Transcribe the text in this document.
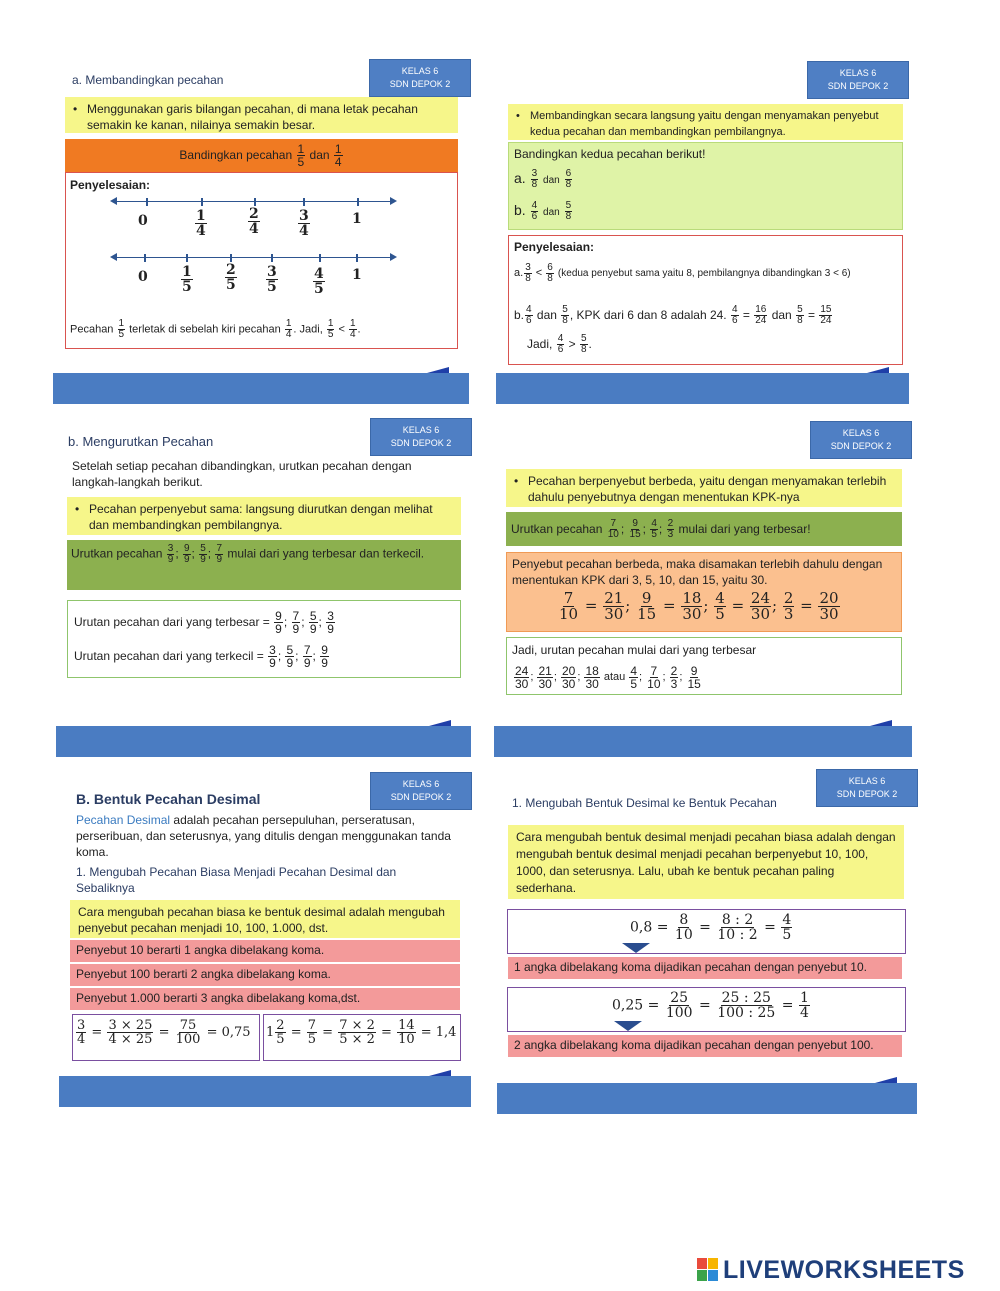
a. Membandingkan pecahan
KELAS 6
SDN DEPOK 2
• Menggunakan garis bilangan pecahan, di mana letak pecahan semakin ke kanan, nilainya semakin besar.
Bandingkan pecahan $\frac{1}{5}$ dan $\frac{1}{4}$
Penyelesaian:
0	$\frac{1}{4}$	$\frac{2}{4}$	$\frac{3}{4}$	1
$0 \frac{1}{5} \frac{2}{5} \frac{3}{5}$	$\frac{4}{5} 1$
Pecahan $\frac{1}{5}$ terletak di sebelah kiri pecahan $\frac{1}{4}$ . Jadi, $\frac{1}{5} < \frac{1}{4}$ .
KELAS 6
SDN DEPOK 2
• Membandingkan secara langsung yaitu dengan menyamakan penyebut kedua pecahan dan membandingkan pembilangnya.
Bandingkan kedua pecahan berikut!
a. $\frac{3}{8}$ dan $\frac{6}{8}$
b. $\frac{4}{6}$ dan $\frac{5}{8}$
Penyelesaian:
a. $\frac{3}{8} < \frac{6}{8}$ (kedua penyebut sama yaitu 8, pembilangnya dibandingkan 3 < 6)
b. $\frac{4}{6}$ dan $\frac{5}{8}$ , KPK dari 6 dan 8 adalah 24. $\frac{4}{6} = \frac{16}{24}$ dan $\frac{5}{8} = \frac{15}{24}$
Jadi, $\frac{4}{6} > \frac{5}{8}$ .
b. Mengurutkan Pecahan
KELAS 6
SDN DEPOK 2
Setelah setiap pecahan dibandingkan, urutkan pecahan dengan langkah-langkah berikut.
• Pecahan perpenyebut sama: langsung diurutkan dengan melihat dan membandingkan pembilangnya.
Urutkan pecahan $\frac{3}{9}$ ; $\frac{9}{9}$ ; $\frac{5}{9}$ ; $\frac{7}{9}$ mulai dari yang terbesar dan terkecil.
Urutan pecahan dari yang terbesar = $\frac{9}{9}$ ; $\frac{7}{9}$ ; $\frac{5}{9}$ ; $\frac{3}{9}$
Urutan pecahan dari yang terkecil = $\frac{3}{9}$ ; $\frac{5}{9}$ ; $\frac{7}{9}$ ; $\frac{9}{9}$
KELAS 6
SDN DEPOK 2
• Pecahan berpenyebut berbeda, yaitu dengan menyamakan terlebih dahulu penyebutnya dengan menentukan KPK-nya
Urutkan pecahan $\frac{7}{10}$ ; $\frac{9}{15}$ ; $\frac{4}{5}$ ; $\frac{2}{3}$ mulai dari yang terbesar!
Penyebut pecahan berbeda, maka disamakan terlebih dahulu dengan menentukan KPK dari 3, 5, 10, dan 15, yaitu 30.
$\frac{7}{10} = \frac{21}{30}$ ; $\frac{9}{15} = \frac{18}{30}$ ; $\frac{4}{5} = \frac{24}{30}$ ; $\frac{2}{3} = \frac{20}{30}$
Jadi, urutan pecahan mulai dari yang terbesar
$\frac{24}{30}$ ; $\frac{21}{30}$ ; $\frac{20}{30}$ ; $\frac{18}{30}$ atau $\frac{4}{5}$ ; $\frac{7}{10}$ ; $\frac{2}{3}$ ; $\frac{9}{15}$
B. Bentuk Pecahan Desimal
KELAS 6
SDN DEPOK 2
Pecahan Desimal adalah pecahan persepuluhan, perseratusan, perseribuan, dan seterusnya, yang ditulis dengan menggunakan tanda koma.
1. Mengubah Pecahan Biasa Menjadi Pecahan Desimal dan Sebaliknya
Cara mengubah pecahan biasa ke bentuk desimal adalah mengubah penyebut pecahan menjadi 10, 100, 1.000, dst.
Penyebut 10 berarti 1 angka dibelakang koma.
Penyebut 100 berarti 2 angka dibelakang koma.
Penyebut 1.000 berarti 3 angka dibelakang koma,dst.
$\frac{3}{4} = \frac{3 \times 25}{4 \times 25} = \frac{75}{100} = 0,75$ $1 \frac{2}{5} = \frac{7}{5} = \frac{7 \times 2}{5 \times 2} = \frac{14}{10} = 1,4$
KELAS 6
SDN DEPOK 2
1. Mengubah Bentuk Desimal ke Bentuk Pecahan
Cara mengubah bentuk desimal menjadi pecahan biasa adalah dengan mengubah bentuk desimal menjadi pecahan berpenyebut 10, 100, 1000, dan seterusnya. Lalu, ubah ke bentuk pecahan paling sederhana.
$0,8 = \frac{8}{10} = \frac{8 : 2}{10 : 2} = \frac{4}{5}$
1 angka dibelakang koma dijadikan pecahan dengan penyebut 10.
$0,25 = \frac{25}{100} = \frac{25 : 25}{100 : 25} = \frac{1}{4}$
2 angka dibelakang koma dijadikan pecahan dengan penyebut 100.
LIVEWORKSHEETS
